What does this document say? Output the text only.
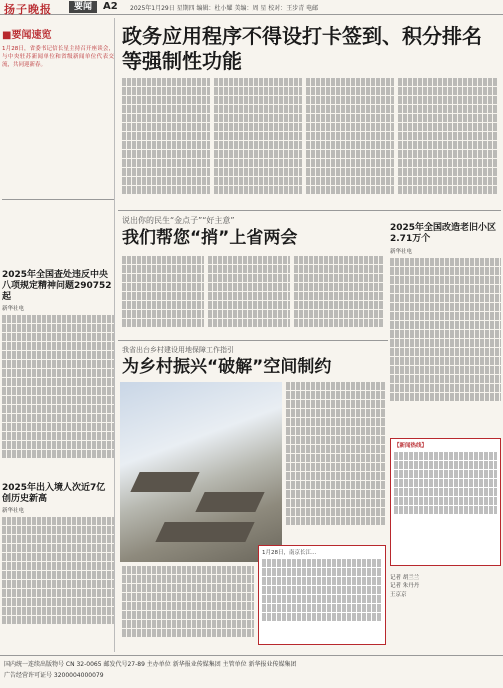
扬子晚报	要闻	A2 2025年1月29日 星期四 编辑：杜小耀 美编：周 星 校对：王步青 电邮
■要闻速览
1月28日，省委书记信长星主持召开座谈会，与中央驻苏新闻单位和省级新闻单位代表交流，共同迎新春。
2025年全国查处违反中央八项规定精神问题290752起
新华社电
2025年出入境人次近7亿创历史新高
新华社电
政务应用程序不得设打卡签到、积分排名等强制性功能
说出你的民生“金点子”“好主意”
我们帮您“捎”上省两会	2025年全国改造老旧小区2.71万个
新华社电
【新闻热线】
记者 胡兰兰
记者 朱丹丹
王京京
我省出台乡村建设用地保障工作指引
为乡村振兴“破解”空间制约
1月28日，南京长江…
国内统一连续出版物号 CN 32-0065 邮发代号27-89 主办单位 新华报业传媒集团 主管单位 新华报业传媒集团
广告经营许可证号 3200004000079
